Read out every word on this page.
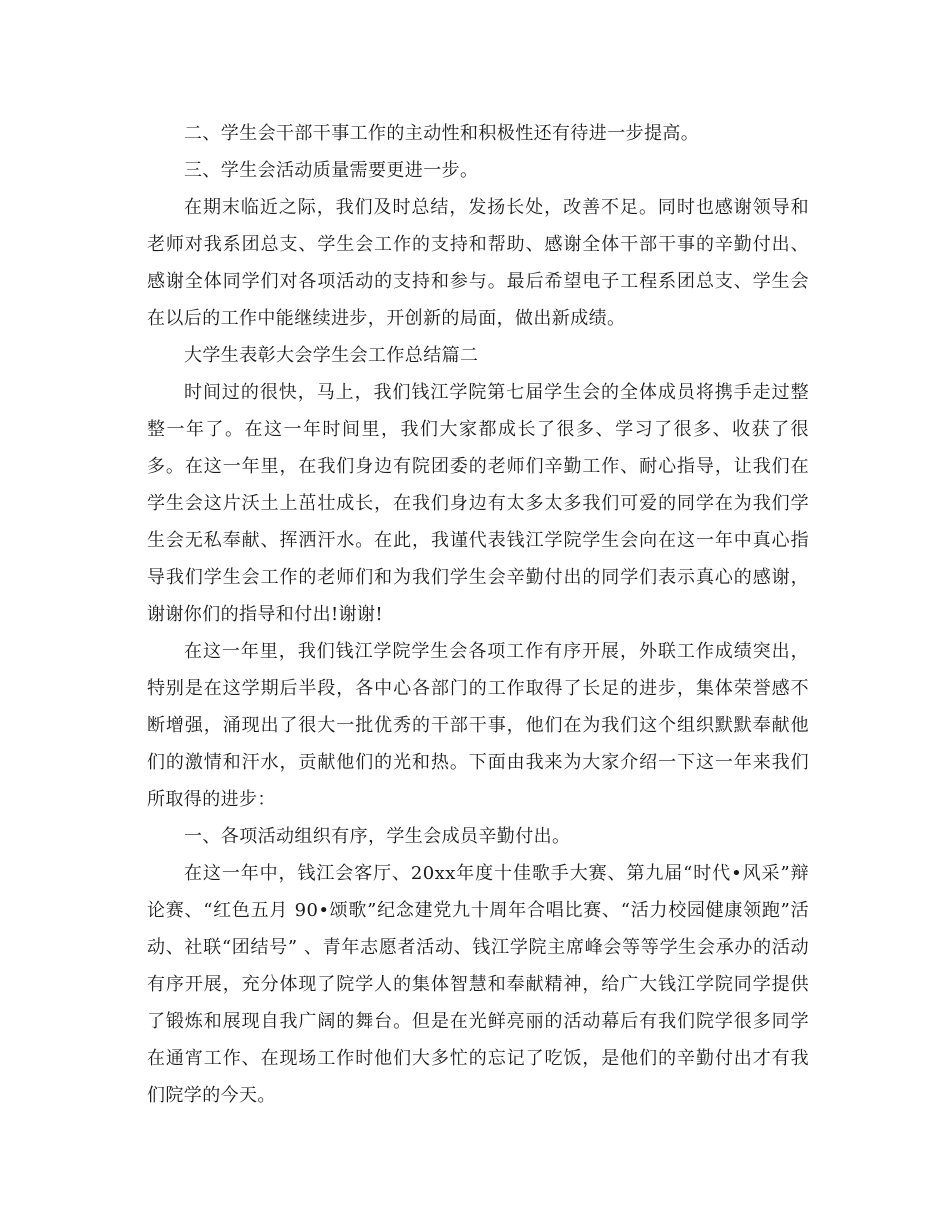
二、学生会干部干事工作的主动性和积极性还有待进一步提高。

三、学生会活动质量需要更进一步。

在期末临近之际，我们及时总结，发扬长处，改善不足。同时也感谢领导和老师对我系团总支、学生会工作的支持和帮助、感谢全体干部干事的辛勤付出、感谢全体同学们对各项活动的支持和参与。最后希望电子工程系团总支、学生会在以后的工作中能继续进步，开创新的局面，做出新成绩。

大学生表彰大会学生会工作总结篇二

时间过的很快，马上，我们钱江学院第七届学生会的全体成员将携手走过整整一年了。在这一年时间里，我们大家都成长了很多、学习了很多、收获了很多。在这一年里，在我们身边有院团委的老师们辛勤工作、耐心指导，让我们在学生会这片沃土上茁壮成长，在我们身边有太多太多我们可爱的同学在为我们学生会无私奉献、挥洒汗水。在此，我谨代表钱江学院学生会向在这一年中真心指导我们学生会工作的老师们和为我们学生会辛勤付出的同学们表示真心的感谢，谢谢你们的指导和付出!谢谢!

在这一年里，我们钱江学院学生会各项工作有序开展，外联工作成绩突出，特别是在这学期后半段，各中心各部门的工作取得了长足的进步，集体荣誉感不断增强，涌现出了很大一批优秀的干部干事，他们在为我们这个组织默默奉献他们的激情和汗水，贡献他们的光和热。下面由我来为大家介绍一下这一年来我们所取得的进步：

一、各项活动组织有序，学生会成员辛勤付出。

在这一年中，钱江会客厅、20xx年度十佳歌手大赛、第九届“时代•风采”辩论赛、“红色五月 90•颂歌”纪念建党九十周年合唱比赛、“活力校园健康领跑”活动、社联“团结号” 、青年志愿者活动、钱江学院主席峰会等等学生会承办的活动有序开展，充分体现了院学人的集体智慧和奉献精神，给广大钱江学院同学提供了锻炼和展现自我广阔的舞台。但是在光鲜亮丽的活动幕后有我们院学很多同学在通宵工作、在现场工作时他们大多忙的忘记了吃饭，是他们的辛勤付出才有我们院学的今天。
